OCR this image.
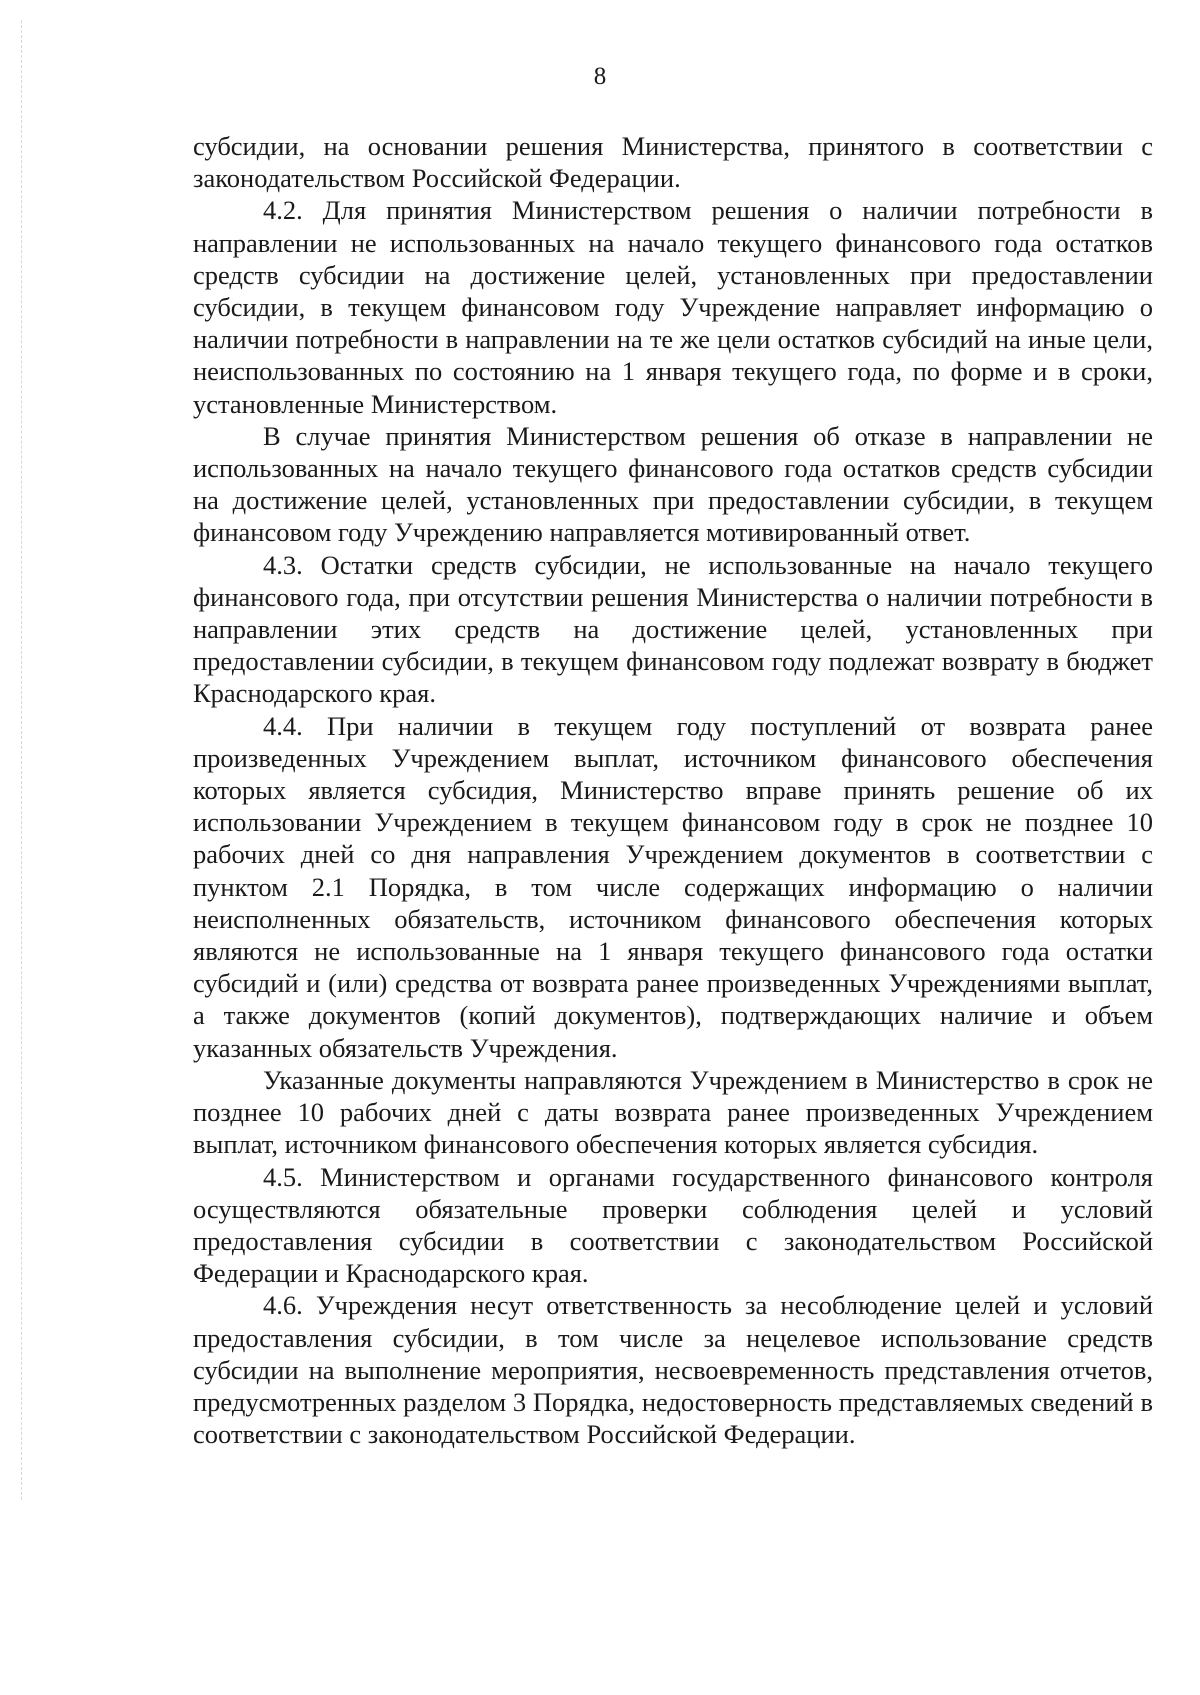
8

субсидии, на основании решения Министерства, принятого в соответствии с законодательством Российской Федерации.

4.2. Для принятия Министерством решения о наличии потребности в направлении не использованных на начало текущего финансового года остатков средств субсидии на достижение целей, установленных при предоставлении субсидии, в текущем финансовом году Учреждение направляет информацию о наличии потребности в направлении на те же цели остатков субсидий на иные цели, неиспользованных по состоянию на 1 января текущего года, по форме и в сроки, установленные Министерством.

В случае принятия Министерством решения об отказе в направлении не использованных на начало текущего финансового года остатков средств субсидии на достижение целей, установленных при предоставлении субсидии, в текущем финансовом году Учреждению направляется мотивированный ответ.

4.3. Остатки средств субсидии, не использованные на начало текущего финансового года, при отсутствии решения Министерства о наличии потребности в направлении этих средств на достижение целей, установленных при предоставлении субсидии, в текущем финансовом году подлежат возврату в бюджет Краснодарского края.

4.4. При наличии в текущем году поступлений от возврата ранее произведенных Учреждением выплат, источником финансового обеспечения которых является субсидия, Министерство вправе принять решение об их использовании Учреждением в текущем финансовом году в срок не позднее 10 рабочих дней со дня направления Учреждением документов в соответствии с пунктом 2.1 Порядка, в том числе содержащих информацию о наличии неисполненных обязательств, источником финансового обеспечения которых являются не использованные на 1 января текущего финансового года остатки субсидий и (или) средства от возврата ранее произведенных Учреждениями выплат, а также документов (копий документов), подтверждающих наличие и объем указанных обязательств Учреждения.

Указанные документы направляются Учреждением в Министерство в срок не позднее 10 рабочих дней с даты возврата ранее произведенных Учреждением выплат, источником финансового обеспечения которых является субсидия.

4.5. Министерством и органами государственного финансового контроля осуществляются обязательные проверки соблюдения целей и условий предоставления субсидии в соответствии с законодательством Российской Федерации и Краснодарского края.

4.6. Учреждения несут ответственность за несоблюдение целей и условий предоставления субсидии, в том числе за нецелевое использование средств субсидии на выполнение мероприятия, несвоевременность представления отчетов, предусмотренных разделом 3 Порядка, недостоверность представляемых сведений в соответствии с законодательством Российской Федерации.
